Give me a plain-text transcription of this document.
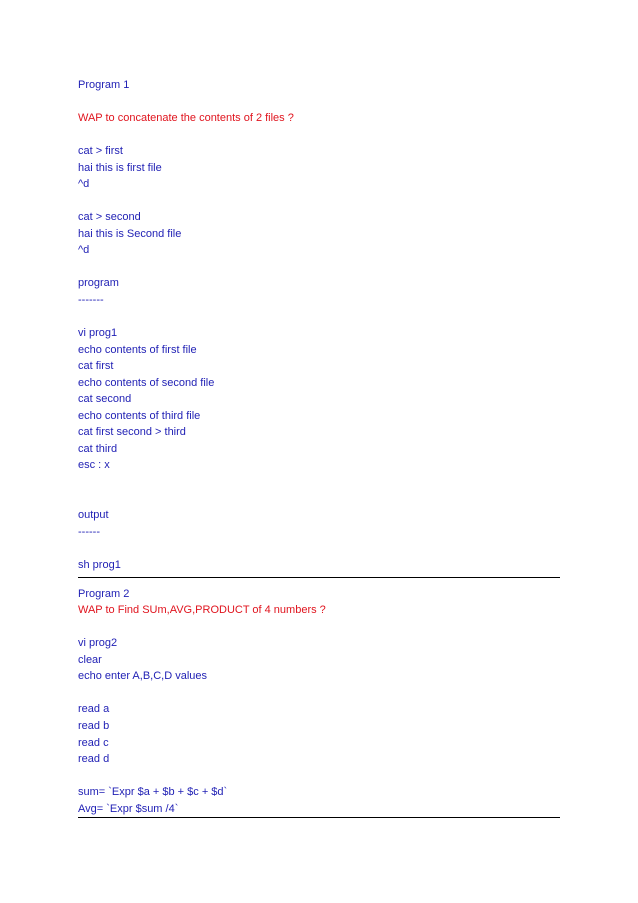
Program 1
WAP to concatenate the contents of 2 files ?
cat > first
hai this is first file
^d
cat > second
hai this is Second file
^d
program
-------
vi prog1
echo contents of first file
cat first
echo contents of second file
cat second
echo contents of third file
cat first second > third
cat third
esc : x
output
------
sh prog1
Program 2
WAP to Find SUm,AVG,PRODUCT of 4 numbers ?
vi prog2
clear
echo enter A,B,C,D values
read a
read b
read c
read d
sum= `Expr $a + $b + $c + $d`
Avg= `Expr $sum /4`
